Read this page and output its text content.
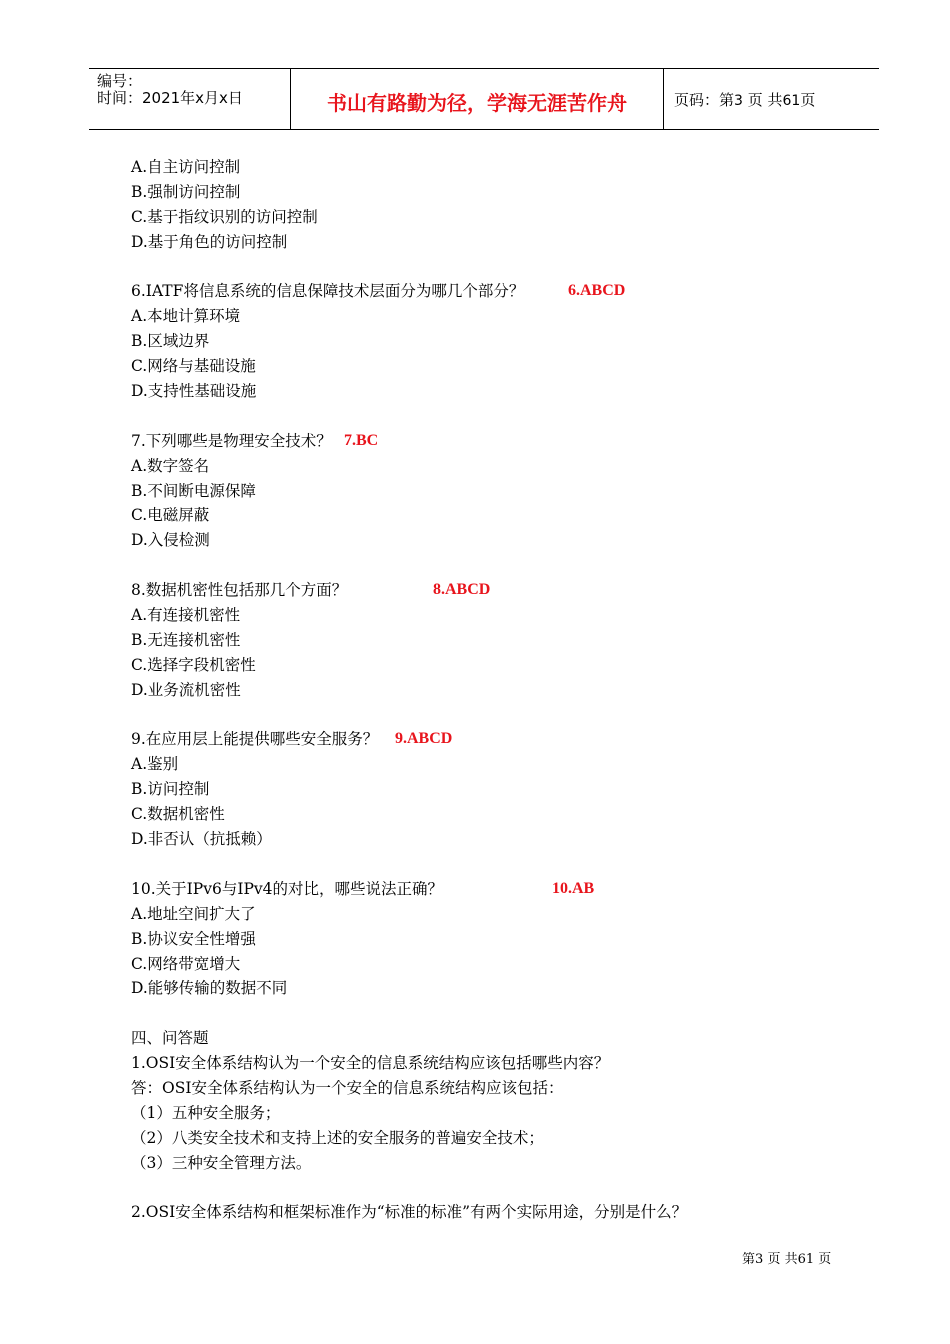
编号：
时间：2021年x月x日	书山有路勤为径，学海无涯苦作舟	页码：第3 页 共61页
A.自主访问控制
B.强制访问控制
C.基于指纹识别的访问控制
D.基于角色的访问控制
6.IATF将信息系统的信息保障技术层面分为哪几个部分？	6.ABCD
A.本地计算环境
B.区域边界
C.网络与基础设施
D.支持性基础设施
7.下列哪些是物理安全技术？ 7.BC
A.数字签名
B.不间断电源保障
C.电磁屏蔽
D.入侵检测
8.数据机密性包括那几个方面？	8.ABCD
A.有连接机密性
B.无连接机密性
C.选择字段机密性
D.业务流机密性
9.在应用层上能提供哪些安全服务？ 9.ABCD
A.鉴别
B.访问控制
C.数据机密性
D.非否认（抗抵赖）
10.关于IPv6与IPv4的对比，哪些说法正确？	10.AB
A.地址空间扩大了
B.协议安全性增强
C.网络带宽增大
D.能够传输的数据不同
四、问答题
1.OSI安全体系结构认为一个安全的信息系统结构应该包括哪些内容？
答：OSI安全体系结构认为一个安全的信息系统结构应该包括：
（1）五种安全服务；
（2）八类安全技术和支持上述的安全服务的普遍安全技术；
（3）三种安全管理方法。
2.OSI安全体系结构和框架标准作为“标准的标准”有两个实际用途，分别是什么？
第3 页 共61 页
